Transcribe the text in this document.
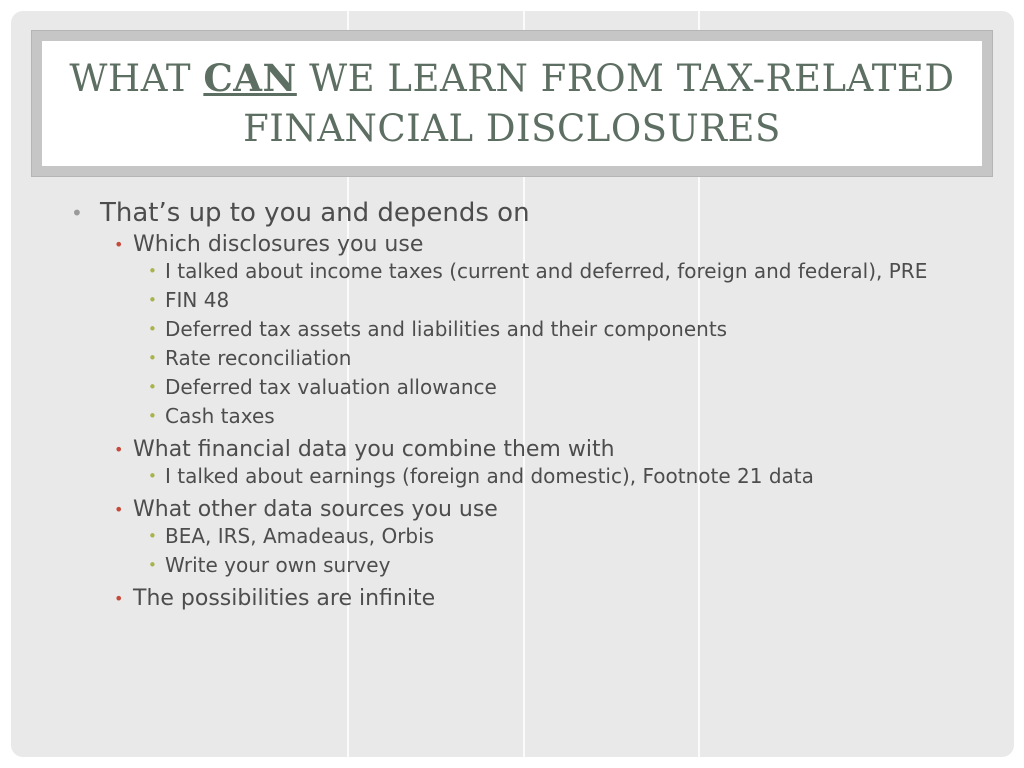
WHAT CAN WE LEARN FROM TAX-RELATED FINANCIAL DISCLOSURES
• That’s up to you and depends on
• Which disclosures you use
• I talked about income taxes (current and deferred, foreign and federal), PRE
• FIN 48
• Deferred tax assets and liabilities and their components
• Rate reconciliation
• Deferred tax valuation allowance
• Cash taxes
• What financial data you combine them with
• I talked about earnings (foreign and domestic), Footnote 21 data
• What other data sources you use
• BEA, IRS, Amadeaus, Orbis
• Write your own survey
• The possibilities are infinite
